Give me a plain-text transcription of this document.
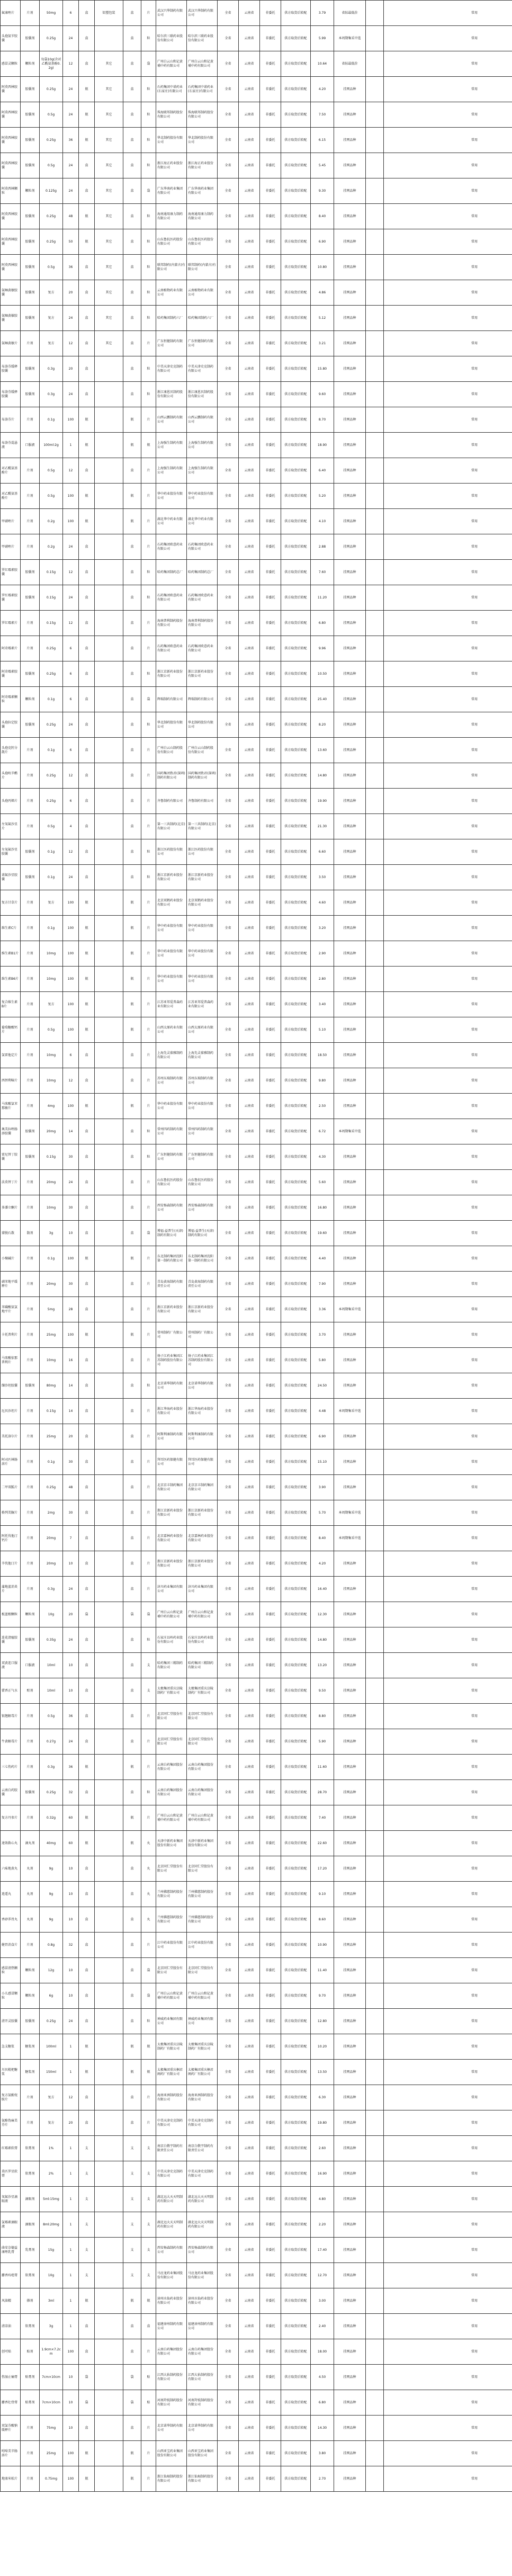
氟康唑片	片剂	50mg	6	盒	铝塑包装	盒	片	武汉兴华制药有限公司	武汉兴华制药有限公司	全省	云南省	非委托	供方取货后转配	3.79	省际最低价		常用
头孢氨苄胶囊	胶囊剂	0.25g	24	盒		盒	粒	哈尔滨三联药业股份有限公司	哈尔滨三联药业股份有限公司	全省	云南省	非委托	供方取货后转配	5.99	本周期集采中选		常用
感冒灵颗粒	颗粒剂	每袋10g(含对乙酰氨基酚0.2g)	12	盒	其它	盒	袋	广州白云山和记黄埔中药有限公司	广州白云山和记黄埔中药有限公司	全省	云南省	非委托	供方取货后转配	10.64	省际最低价		常用
阿莫西林胶囊	胶囊剂	0.25g	24	瓶	其它	盒	粒	石药集团中诺药业(石家庄)有限公司	石药集团中诺药业(石家庄)有限公司	全省	云南省	非委托	供方取货后转配	4.20	挂网品种		常用
阿莫西林胶囊	胶囊剂	0.5g	24	瓶	其它	盒	粒	珠海联邦制药股份有限公司	珠海联邦制药股份有限公司	全省	云南省	非委托	供方取货后转配	7.50	挂网品种		常用
阿莫西林胶囊	胶囊剂	0.25g	36	瓶	其它	盒	粒	华北制药股份有限公司	华北制药股份有限公司	全省	云南省	非委托	供方取货后转配	6.15	挂网品种		常用
阿莫西林胶囊	胶囊剂	0.5g	24	盒	其它	盒	粒	浙江海正药业股份有限公司	浙江海正药业股份有限公司	全省	云南省	非委托	供方取货后转配	5.45	挂网品种		常用
阿莫西林颗粒	颗粒剂	0.125g	24	盒	其它	盒	袋	广东华南药业集团有限公司	广东华南药业集团有限公司	全省	云南省	非委托	供方取货后转配	9.30	挂网品种		常用
阿莫西林胶囊	胶囊剂	0.25g	48	瓶	其它	盒	粒	海南通用康力制药有限公司	海南通用康力制药有限公司	全省	云南省	非委托	供方取货后转配	8.40	挂网品种		常用
阿莫西林胶囊	胶囊剂	0.25g	50	瓶	其它	盒	粒	山东鲁抗医药股份有限公司	山东鲁抗医药股份有限公司	全省	云南省	非委托	供方取货后转配	6.90	挂网品种		常用
阿莫西林胶囊	胶囊剂	0.5g	36	盒	其它	盒	粒	联邦制药(内蒙古)有限公司	联邦制药(内蒙古)有限公司	全省	云南省	非委托	供方取货后转配	10.80	挂网品种		常用
氨咖黄敏胶囊	胶囊剂	复方	20	盒	其它	盒	粒	云南植物药业有限公司	云南植物药业有限公司	全省	云南省	非委托	供方取货后转配	4.86	挂网品种		常用
氨咖黄敏胶囊	胶囊剂	复方	24	盒	其它	盒	粒	哈药集团制药六厂	哈药集团制药六厂	全省	云南省	非委托	供方取货后转配	5.12	挂网品种		常用
氨咖黄敏片	片剂	复方	12	盒	其它	盒	片	广东恒健制药有限公司	广东恒健制药有限公司	全省	云南省	非委托	供方取货后转配	3.21	挂网品种		常用
布洛芬缓释胶囊	胶囊剂	0.3g	20	盒		盒	粒	中美天津史克制药有限公司	中美天津史克制药有限公司	全省	云南省	非委托	供方取货后转配	15.80	挂网品种		常用
布洛芬缓释胶囊	胶囊剂	0.3g	24	盒		盒	粒	浙江康恩贝制药股份有限公司	浙江康恩贝制药股份有限公司	全省	云南省	非委托	供方取货后转配	9.60	挂网品种		常用
布洛芬片	片剂	0.1g	100	瓶		瓶	片	山西云鹏制药有限公司	山西云鹏制药有限公司	全省	云南省	非委托	供方取货后转配	8.70	挂网品种		常用
布洛芬混悬液	口服液	100ml:2g	1	瓶		瓶	瓶	上海强生制药有限公司	上海强生制药有限公司	全省	云南省	非委托	供方取货后转配	18.90	挂网品种		常用
对乙酰氨基酚片	片剂	0.5g	12	盒		盒	片	上海强生制药有限公司	上海强生制药有限公司	全省	云南省	非委托	供方取货后转配	6.40	挂网品种		常用
对乙酰氨基酚片	片剂	0.5g	100	瓶		瓶	片	华中药业股份有限公司	华中药业股份有限公司	全省	云南省	非委托	供方取货后转配	5.20	挂网品种		常用
甲硝唑片	片剂	0.2g	100	瓶		瓶	片	湖北华中药业有限公司	湖北华中药业有限公司	全省	云南省	非委托	供方取货后转配	4.10	挂网品种		常用
甲硝唑片	片剂	0.2g	24	盒		盒	片	石药集团欧意药业有限公司	石药集团欧意药业有限公司	全省	云南省	非委托	供方取货后转配	2.88	挂网品种		常用
罗红霉素胶囊	胶囊剂	0.15g	12	盒		盒	粒	哈药集团制药总厂	哈药集团制药总厂	全省	云南省	非委托	供方取货后转配	7.60	挂网品种		常用
罗红霉素胶囊	胶囊剂	0.15g	24	盒		盒	粒	石药集团欧意药业有限公司	石药集团欧意药业有限公司	全省	云南省	非委托	供方取货后转配	11.20	挂网品种		常用
罗红霉素片	片剂	0.15g	12	盒		盒	片	海南普利制药股份有限公司	海南普利制药股份有限公司	全省	云南省	非委托	供方取货后转配	6.80	挂网品种		常用
阿奇霉素片	片剂	0.25g	6	盒		盒	片	石药集团欧意药业有限公司	石药集团欧意药业有限公司	全省	云南省	非委托	供方取货后转配	9.96	挂网品种		常用
阿奇霉素胶囊	胶囊剂	0.25g	6	盒		盒	粒	浙江京新药业股份有限公司	浙江京新药业股份有限公司	全省	云南省	非委托	供方取货后转配	10.50	挂网品种		常用
阿奇霉素颗粒	颗粒剂	0.1g	6	盒		盒	袋	辉瑞制药有限公司	辉瑞制药有限公司	全省	云南省	非委托	供方取货后转配	25.40	挂网品种		常用
头孢拉定胶囊	胶囊剂	0.25g	24	盒		盒	粒	华北制药股份有限公司	华北制药股份有限公司	全省	云南省	非委托	供方取货后转配	8.20	挂网品种		常用
头孢克肟分散片	片剂	0.1g	6	盒		盒	片	广州白云山制药股份有限公司	广州白云山制药股份有限公司	全省	云南省	非委托	供方取货后转配	13.60	挂网品种		常用
头孢呋辛酯片	片剂	0.25g	12	盒		盒	片	国药集团致君(深圳)制药有限公司	国药集团致君(深圳)制药有限公司	全省	云南省	非委托	供方取货后转配	14.80	挂网品种		常用
头孢丙烯片	片剂	0.25g	6	盒		盒	片	齐鲁制药有限公司	齐鲁制药有限公司	全省	云南省	非委托	供方取货后转配	19.90	挂网品种		常用
左氧氟沙星片	片剂	0.5g	4	盒		盒	片	第一三共制药(北京)有限公司	第一三共制药(北京)有限公司	全省	云南省	非委托	供方取货后转配	21.30	挂网品种		常用
左氧氟沙星胶囊	胶囊剂	0.1g	12	盒		盒	粒	浙江医药股份有限公司	浙江医药股份有限公司	全省	云南省	非委托	供方取货后转配	6.60	挂网品种		常用
诺氟沙星胶囊	胶囊剂	0.1g	24	盒		盒	粒	浙江京新药业股份有限公司	浙江京新药业股份有限公司	全省	云南省	非委托	供方取货后转配	3.50	挂网品种		常用
复方甘草片	片剂	复方	100	瓶		瓶	片	北京双鹤药业股份有限公司	北京双鹤药业股份有限公司	全省	云南省	非委托	供方取货后转配	4.60	挂网品种		常用
维生素C片	片剂	0.1g	100	瓶		瓶	片	华中药业股份有限公司	华中药业股份有限公司	全省	云南省	非委托	供方取货后转配	3.20	挂网品种		常用
维生素B1片	片剂	10mg	100	瓶		瓶	片	华中药业股份有限公司	华中药业股份有限公司	全省	云南省	非委托	供方取货后转配	2.90	挂网品种		常用
维生素B6片	片剂	10mg	100	瓶		瓶	片	华中药业股份有限公司	华中药业股份有限公司	全省	云南省	非委托	供方取货后转配	2.80	挂网品种		常用
复合维生素B片	片剂	复方	100	瓶		瓶	片	江苏亚邦爱普森药业有限公司	江苏亚邦爱普森药业有限公司	全省	云南省	非委托	供方取货后转配	3.40	挂网品种		常用
葡萄糖酸钙片	片剂	0.5g	100	瓶		瓶	片	山西太原药业有限公司	山西太原药业有限公司	全省	云南省	非委托	供方取货后转配	5.10	挂网品种		常用
氯雷他定片	片剂	10mg	6	盒		盒	片	上海先灵葆雅制药有限公司	上海先灵葆雅制药有限公司	全省	云南省	非委托	供方取货后转配	18.50	挂网品种		常用
西替利嗪片	片剂	10mg	12	盒		盒	片	苏州东瑞制药有限公司	苏州东瑞制药有限公司	全省	云南省	非委托	供方取货后转配	9.80	挂网品种		常用
马来酸氯苯那敏片	片剂	4mg	100	瓶		瓶	片	华中药业股份有限公司	华中药业股份有限公司	全省	云南省	非委托	供方取货后转配	2.50	挂网品种		常用
奥美拉唑肠溶胶囊	胶囊剂	20mg	14	盒		盒	粒	常州四药制药有限公司	常州四药制药有限公司	全省	云南省	非委托	供方取货后转配	6.72	本周期集采中选		常用
雷尼替丁胶囊	胶囊剂	0.15g	30	盒		盒	粒	广东恒健制药有限公司	广东恒健制药有限公司	全省	云南省	非委托	供方取货后转配	4.30	挂网品种		常用
法莫替丁片	片剂	20mg	24	盒		盒	片	山东鲁抗医药股份有限公司	山东鲁抗医药股份有限公司	全省	云南省	非委托	供方取货后转配	5.60	挂网品种		常用
多潘立酮片	片剂	10mg	30	盒		盒	片	西安杨森制药有限公司	西安杨森制药有限公司	全省	云南省	非委托	供方取货后转配	16.80	挂网品种		常用
蒙脱石散	散剂	3g	10	盒		盒	袋	博福-益普生(天津)制药有限公司	博福-益普生(天津)制药有限公司	全省	云南省	非委托	供方取货后转配	19.60	挂网品种		常用
小檗碱片	片剂	0.1g	100	瓶		瓶	片	东北制药集团沈阳第一制药有限公司	东北制药集团沈阳第一制药有限公司	全省	云南省	非委托	供方取货后转配	4.40	挂网品种		常用
硝苯地平缓释片	片剂	20mg	30	盒		盒	片	青岛黄海制药有限责任公司	青岛黄海制药有限责任公司	全省	云南省	非委托	供方取货后转配	7.90	挂网品种		常用
苯磺酸氨氯地平片	片剂	5mg	28	盒		盒	片	浙江京新药业股份有限公司	浙江京新药业股份有限公司	全省	云南省	非委托	供方取货后转配	3.36	本周期集采中选		常用
卡托普利片	片剂	25mg	100	瓶		瓶	片	常州制药厂有限公司	常州制药厂有限公司	全省	云南省	非委托	供方取货后转配	3.70	挂网品种		常用
马来酸依那普利片	片剂	10mg	16	盒		盒	片	扬子江药业集团江苏制药股份有限公司	扬子江药业集团江苏制药股份有限公司	全省	云南省	非委托	供方取货后转配	5.80	挂网品种		常用
缬沙坦胶囊	胶囊剂	80mg	14	盒		盒	粒	北京诺华制药有限公司	北京诺华制药有限公司	全省	云南省	非委托	供方取货后转配	24.50	挂网品种		常用
厄贝沙坦片	片剂	0.15g	14	盒		盒	片	浙江华海药业股份有限公司	浙江华海药业股份有限公司	全省	云南省	非委托	供方取货后转配	4.48	本周期集采中选		常用
美托洛尔片	片剂	25mg	20	盒		盒	片	阿斯利康制药有限公司	阿斯利康制药有限公司	全省	云南省	非委托	供方取货后转配	6.90	挂网品种		常用
阿司匹林肠溶片	片剂	0.1g	30	盒		盒	片	拜耳医药保健有限公司	拜耳医药保健有限公司	全省	云南省	非委托	供方取货后转配	15.10	挂网品种		常用
二甲双胍片	片剂	0.25g	48	盒		盒	片	北京京丰制药集团有限公司	北京京丰制药集团有限公司	全省	云南省	非委托	供方取货后转配	3.90	挂网品种		常用
格列美脲片	片剂	2mg	30	盒		盒	片	浙江京新药业股份有限公司	浙江京新药业股份有限公司	全省	云南省	非委托	供方取货后转配	5.70	本周期集采中选		常用
阿托伐他汀钙片	片剂	20mg	7	盒		盒	片	北京嘉林药业股份有限公司	北京嘉林药业股份有限公司	全省	云南省	非委托	供方取货后转配	8.40	本周期集采中选		常用
辛伐他汀片	片剂	20mg	10	盒		盒	片	浙江京新药业股份有限公司	浙江京新药业股份有限公司	全省	云南省	非委托	供方取货后转配	4.20	挂网品种		常用
蒲地蓝消炎片	片剂	0.3g	24	盒		盒	片	济川药业集团有限公司	济川药业集团有限公司	全省	云南省	非委托	供方取货后转配	16.40	挂网品种		常用
板蓝根颗粒	颗粒剂	10g	20	袋		袋	袋	广州白云山和记黄埔中药有限公司	广州白云山和记黄埔中药有限公司	全省	云南省	非委托	供方取货后转配	12.30	挂网品种		常用
连花清瘟胶囊	胶囊剂	0.35g	24	盒		盒	粒	石家庄以岭药业股份有限公司	石家庄以岭药业股份有限公司	全省	云南省	非委托	供方取货后转配	14.80	挂网品种		常用
双黄连口服液	口服液	10ml	10	盒		盒	支	哈药集团三精制药有限公司	哈药集团三精制药有限公司	全省	云南省	非委托	供方取货后转配	13.20	挂网品种		常用
藿香正气水	酊剂	10ml	10	盒		盒	支	太极集团重庆涪陵制药厂有限公司	太极集团重庆涪陵制药厂有限公司	全省	云南省	非委托	供方取货后转配	9.50	挂网品种		常用
银翘解毒片	片剂	0.5g	36	盒		盒	片	北京同仁堂股份有限公司	北京同仁堂股份有限公司	全省	云南省	非委托	供方取货后转配	8.80	挂网品种		常用
牛黄解毒片	片剂	0.27g	24	盒		盒	片	北京同仁堂股份有限公司	北京同仁堂股份有限公司	全省	云南省	非委托	供方取货后转配	5.90	挂网品种		常用
三七伤药片	片剂	0.3g	36	瓶		瓶	片	云南白药集团股份有限公司	云南白药集团股份有限公司	全省	云南省	非委托	供方取货后转配	11.60	挂网品种		常用
云南白药胶囊	胶囊剂	0.25g	32	盒		盒	粒	云南白药集团股份有限公司	云南白药集团股份有限公司	全省	云南省	非委托	供方取货后转配	28.70	挂网品种		常用
复方丹参片	片剂	0.32g	60	瓶		瓶	片	广州白云山和记黄埔中药有限公司	广州白云山和记黄埔中药有限公司	全省	云南省	非委托	供方取货后转配	7.40	挂网品种		常用
速效救心丸	滴丸剂	40mg	60	瓶		瓶	丸	天津中新药业集团股份有限公司	天津中新药业集团股份有限公司	全省	云南省	非委托	供方取货后转配	22.60	挂网品种		常用
六味地黄丸	丸剂	9g	10	盒		盒	丸	北京同仁堂股份有限公司	北京同仁堂股份有限公司	全省	云南省	非委托	供方取货后转配	17.20	挂网品种		常用
逍遥丸	丸剂	9g	10	盒		盒	丸	兰州佛慈制药股份有限公司	兰州佛慈制药股份有限公司	全省	云南省	非委托	供方取货后转配	9.10	挂网品种		常用
香砂养胃丸	丸剂	9g	10	盒		盒	丸	兰州佛慈制药股份有限公司	兰州佛慈制药股份有限公司	全省	云南省	非委托	供方取货后转配	8.60	挂网品种		常用
健胃消食片	片剂	0.8g	32	盒		盒	片	江中药业股份有限公司	江中药业股份有限公司	全省	云南省	非委托	供方取货后转配	10.90	挂网品种		常用
感冒清热颗粒	颗粒剂	12g	10	盒		盒	袋	北京同仁堂股份有限公司	北京同仁堂股份有限公司	全省	云南省	非委托	供方取货后转配	11.40	挂网品种		常用
小儿感冒颗粒	颗粒剂	6g	10	盒		盒	袋	广州白云山和记黄埔中药有限公司	广州白云山和记黄埔中药有限公司	全省	云南省	非委托	供方取货后转配	9.70	挂网品种		常用
清开灵胶囊	胶囊剂	0.25g	24	盒		盒	粒	神威药业集团有限公司	神威药业集团有限公司	全省	云南省	非委托	供方取货后转配	12.80	挂网品种		常用
急支糖浆	糖浆剂	100ml	1	瓶		瓶	瓶	太极集团重庆涪陵制药厂有限公司	太极集团重庆涪陵制药厂有限公司	全省	云南省	非委托	供方取货后转配	10.20	挂网品种		常用
川贝枇杷糖浆	糖浆剂	150ml	1	瓶		瓶	瓶	太极集团重庆桐君阁药厂有限公司	太极集团重庆桐君阁药厂有限公司	全省	云南省	非委托	供方取货后转配	13.50	挂网品种		常用
复方氨酚烷胺片	片剂	复方	12	盒		盒	片	海南亚洲制药股份有限公司	海南亚洲制药股份有限公司	全省	云南省	非委托	供方取货后转配	6.30	挂网品种		常用
氨酚伪麻美芬片	片剂	复方	20	盒		盒	片	中美天津史克制药有限公司	中美天津史克制药有限公司	全省	云南省	非委托	供方取货后转配	19.80	挂网品种		常用
红霉素软膏	软膏剂	1%	1	支		支	支	南京白敬宇制药有限责任公司	南京白敬宇制药有限责任公司	全省	云南省	非委托	供方取货后转配	2.60	挂网品种		常用
莫匹罗星软膏	软膏剂	2%	1	支		支	支	中美天津史克制药有限公司	中美天津史克制药有限公司	全省	云南省	非委托	供方取货后转配	16.90	挂网品种		常用
氧氟沙星滴眼液	滴眼剂	5ml:15mg	1	支		支	支	湖北远大天天明制药有限公司	湖北远大天天明制药有限公司	全省	云南省	非委托	供方取货后转配	4.80	挂网品种		常用
氯霉素滴眼液	滴眼剂	8ml:20mg	1	支		支	支	湖北远大天天明制药有限公司	湖北远大天天明制药有限公司	全省	云南省	非委托	供方取货后转配	2.20	挂网品种		常用
曲安奈德益康唑乳膏	乳膏剂	15g	1	支		支	支	西安杨森制药有限公司	西安杨森制药有限公司	全省	云南省	非委托	供方取货后转配	17.40	挂网品种		常用
麝香痔疮膏	软膏剂	10g	1	支		支	支	马应龙药业集团股份有限公司	马应龙药业集团股份有限公司	全省	云南省	非委托	供方取货后转配	12.70	挂网品种		常用
风油精	搽剂	3ml	1	瓶		瓶	瓶	漳州水仙药业股份有限公司	漳州水仙药业股份有限公司	全省	云南省	非委托	供方取货后转配	3.00	挂网品种		常用
清凉油	软膏剂	3g	1	盒		盒	盒	福建漳州制药有限公司	福建漳州制药有限公司	全省	云南省	非委托	供方取货后转配	2.40	挂网品种		常用
创可贴	贴剂	1.9cm×7.2cm	100	盒		盒	片	云南白药集团股份有限公司	云南白药集团股份有限公司	全省	云南省	非委托	供方取货后转配	18.00	挂网品种		常用
伤湿止痛膏	贴膏剂	7cm×10cm	10	袋		袋	贴	江西大佑制药股份有限公司	江西大佑制药股份有限公司	全省	云南省	非委托	供方取货后转配	4.50	挂网品种		常用
麝香壮骨膏	贴膏剂	7cm×10cm	10	袋		袋	贴	河南羚锐制药股份有限公司	河南羚锐制药股份有限公司	全省	云南省	非委托	供方取货后转配	6.80	挂网品种		常用
双氯芬酸钠缓释片	片剂	75mg	10	盒		盒	片	北京诺华制药有限公司	北京诺华制药有限公司	全省	云南省	非委托	供方取货后转配	14.30	挂网品种		常用
吲哚美辛肠溶片	片剂	25mg	100	瓶		瓶	片	山西亚宝药业集团股份有限公司	山西亚宝药业集团股份有限公司	全省	云南省	非委托	供方取货后转配	3.80	挂网品种		常用
地塞米松片	片剂	0.75mg	100	瓶		瓶	片	浙江仙琚制药股份有限公司	浙江仙琚制药股份有限公司	全省	云南省	非委托	供方取货后转配	2.70	挂网品种		常用
